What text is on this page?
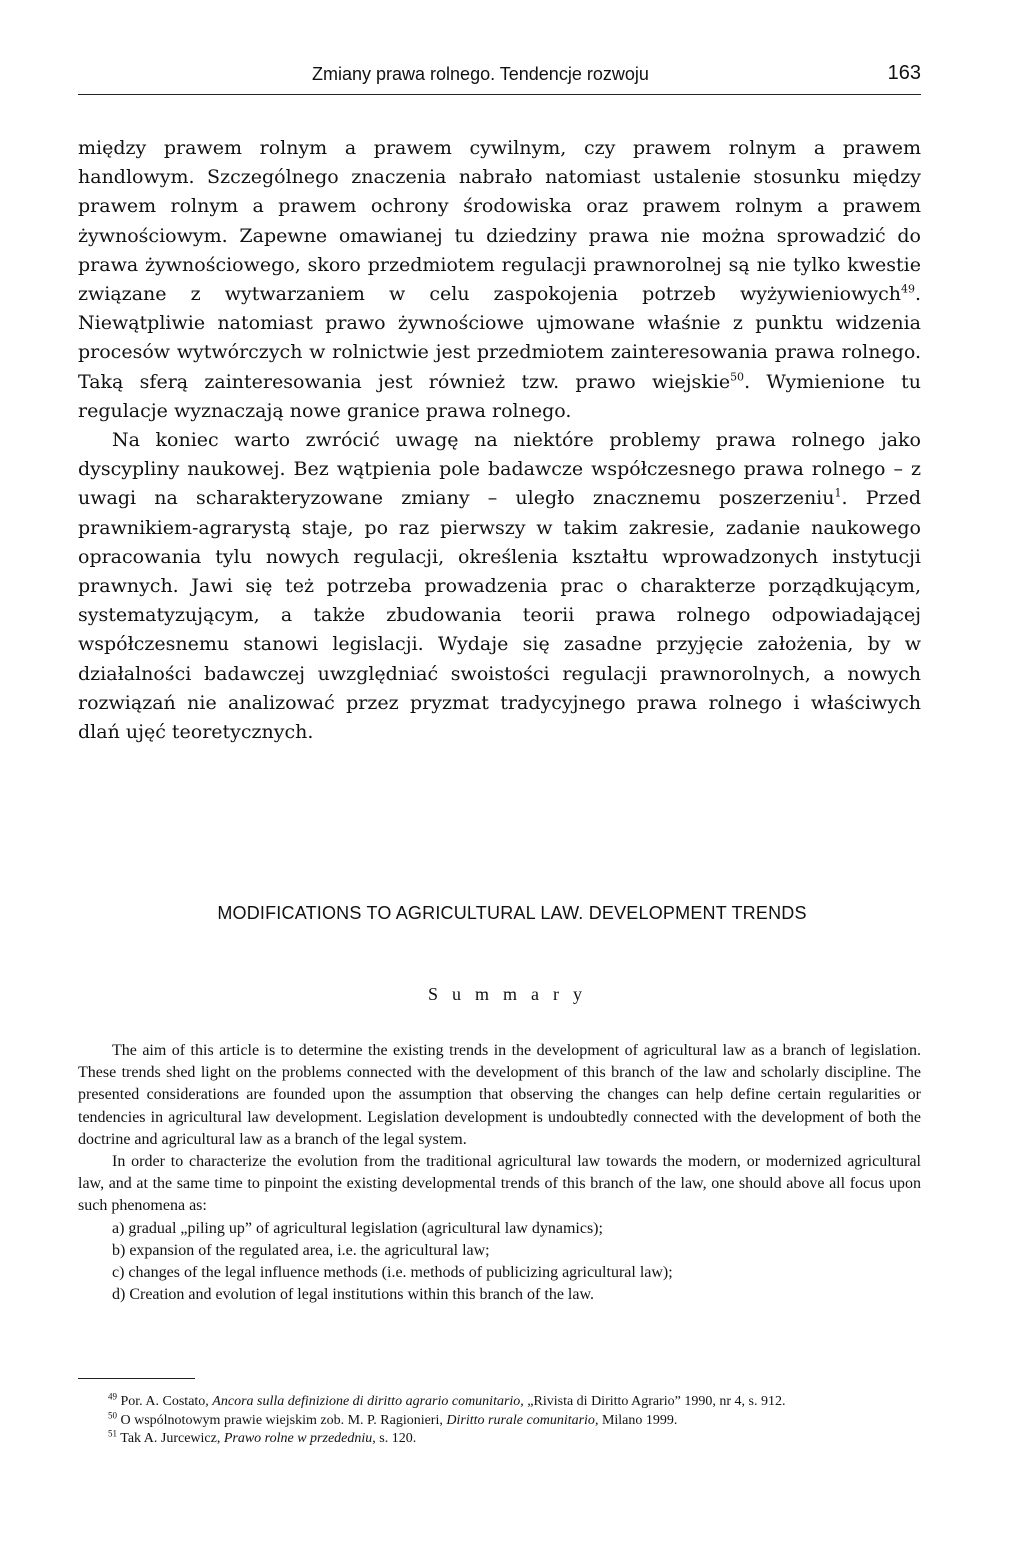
Zmiany prawa rolnego. Tendencje rozwoju	163

między prawem rolnym a prawem cywilnym, czy prawem rolnym a prawem handlowym. Szczególnego znaczenia nabrało natomiast ustalenie stosunku między prawem rolnym a prawem ochrony środowiska oraz prawem rolnym a prawem żywnościowym. Zapewne omawianej tu dziedziny prawa nie można sprowadzić do prawa żywnościowego, skoro przedmiotem regulacji prawnorolnej są nie tylko kwestie związane z wytwarzaniem w celu zaspokojenia potrzeb wyżywieniowych$^{49}$. Niewątpliwie natomiast prawo żywnościowe ujmowane właśnie z punktu widzenia procesów wytwórczych w rolnictwie jest przedmiotem zainteresowania prawa rolnego. Taką sferą zainteresowania jest również tzw. prawo wiejskie$^{50}$. Wymienione tu regulacje wyznaczają nowe granice prawa rolnego.

Na koniec warto zwrócić uwagę na niektóre problemy prawa rolnego jako dyscypliny naukowej. Bez wątpienia pole badawcze współczesnego prawa rolnego – z uwagi na scharakteryzowane zmiany – uległo znacznemu poszerzeniu$^1$. Przed prawnikiem-agrarystą staje, po raz pierwszy w takim zakresie, zadanie naukowego opracowania tylu nowych regulacji, określenia kształtu wprowadzonych instytucji prawnych. Jawi się też potrzeba prowadzenia prac o charakterze porządkującym, systematyzującym, a także zbudowania teorii prawa rolnego odpowiadającej współczesnemu stanowi legislacji. Wydaje się zasadne przyjęcie założenia, by w działalności badawczej uwzględniać swoistości regulacji prawnorolnych, a nowych rozwiązań nie analizować przez pryzmat tradycyjnego prawa rolnego i właściwych dlań ujęć teoretycznych.

MODIFICATIONS TO AGRICULTURAL LAW. DEVELOPMENT TRENDS
Summary

The aim of this article is to determine the existing trends in the development of agricultural law as a branch of legislation. These trends shed light on the problems connected with the development of this branch of the law and scholarly discipline. The presented considerations are founded upon the assumption that observing the changes can help define certain regularities or tendencies in agricultural law development. Legislation development is undoubtedly connected with the development of both the doctrine and agricultural law as a branch of the legal system.

In order to characterize the evolution from the traditional agricultural law towards the modern, or modernized agricultural law, and at the same time to pinpoint the existing developmental trends of this branch of the law, one should above all focus upon such phenomena as:

a) gradual „piling up” of agricultural legislation (agricultural law dynamics);
b) expansion of the regulated area, i.e. the agricultural law;
c) changes of the legal influence methods (i.e. methods of publicizing agricultural law);
d) Creation and evolution of legal institutions within this branch of the law.

$^{49}$ Por. A. Costato, Ancora sulla definizione di diritto agrario comunitario, „Rivista di Diritto Agrario” 1990, nr 4, s. 912.

$^{50}$ O wspólnotowym prawie wiejskim zob. M. P. Ragionieri, Diritto rurale comunitario, Milano 1999.

$^{51}$ Tak A. Jurcewicz, Prawo rolne w przededniu, s. 120.
